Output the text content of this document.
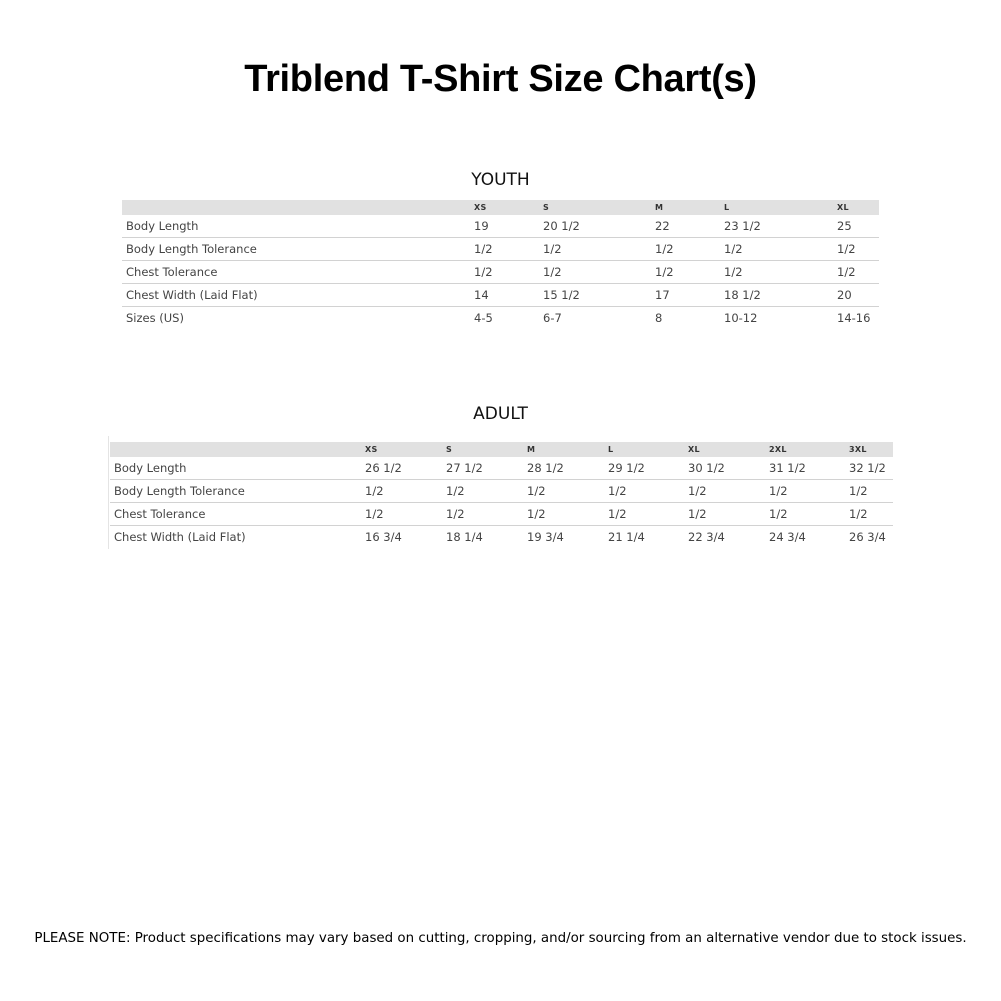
Triblend T-Shirt Size Chart(s)
YOUTH
	XS	S	M	L	XL
Body Length	19	20 1/2	22	23 1/2	25
Body Length Tolerance	1/2	1/2	1/2	1/2	1/2
Chest Tolerance	1/2	1/2	1/2	1/2	1/2
Chest Width (Laid Flat)	14	15 1/2	17	18 1/2	20
Sizes (US)	4-5	6-7	8	10-12	14-16
ADULT
	XS	S	M	L	XL	2XL	3XL
Body Length	26 1/2	27 1/2	28 1/2	29 1/2	30 1/2	31 1/2	32 1/2
Body Length Tolerance	1/2	1/2	1/2	1/2	1/2	1/2	1/2
Chest Tolerance	1/2	1/2	1/2	1/2	1/2	1/2	1/2
Chest Width (Laid Flat)	16 3/4	18 1/4	19 3/4	21 1/4	22 3/4	24 3/4	26 3/4
PLEASE NOTE: Product specifications may vary based on cutting, cropping, and/or sourcing from an alternative vendor due to stock issues.
